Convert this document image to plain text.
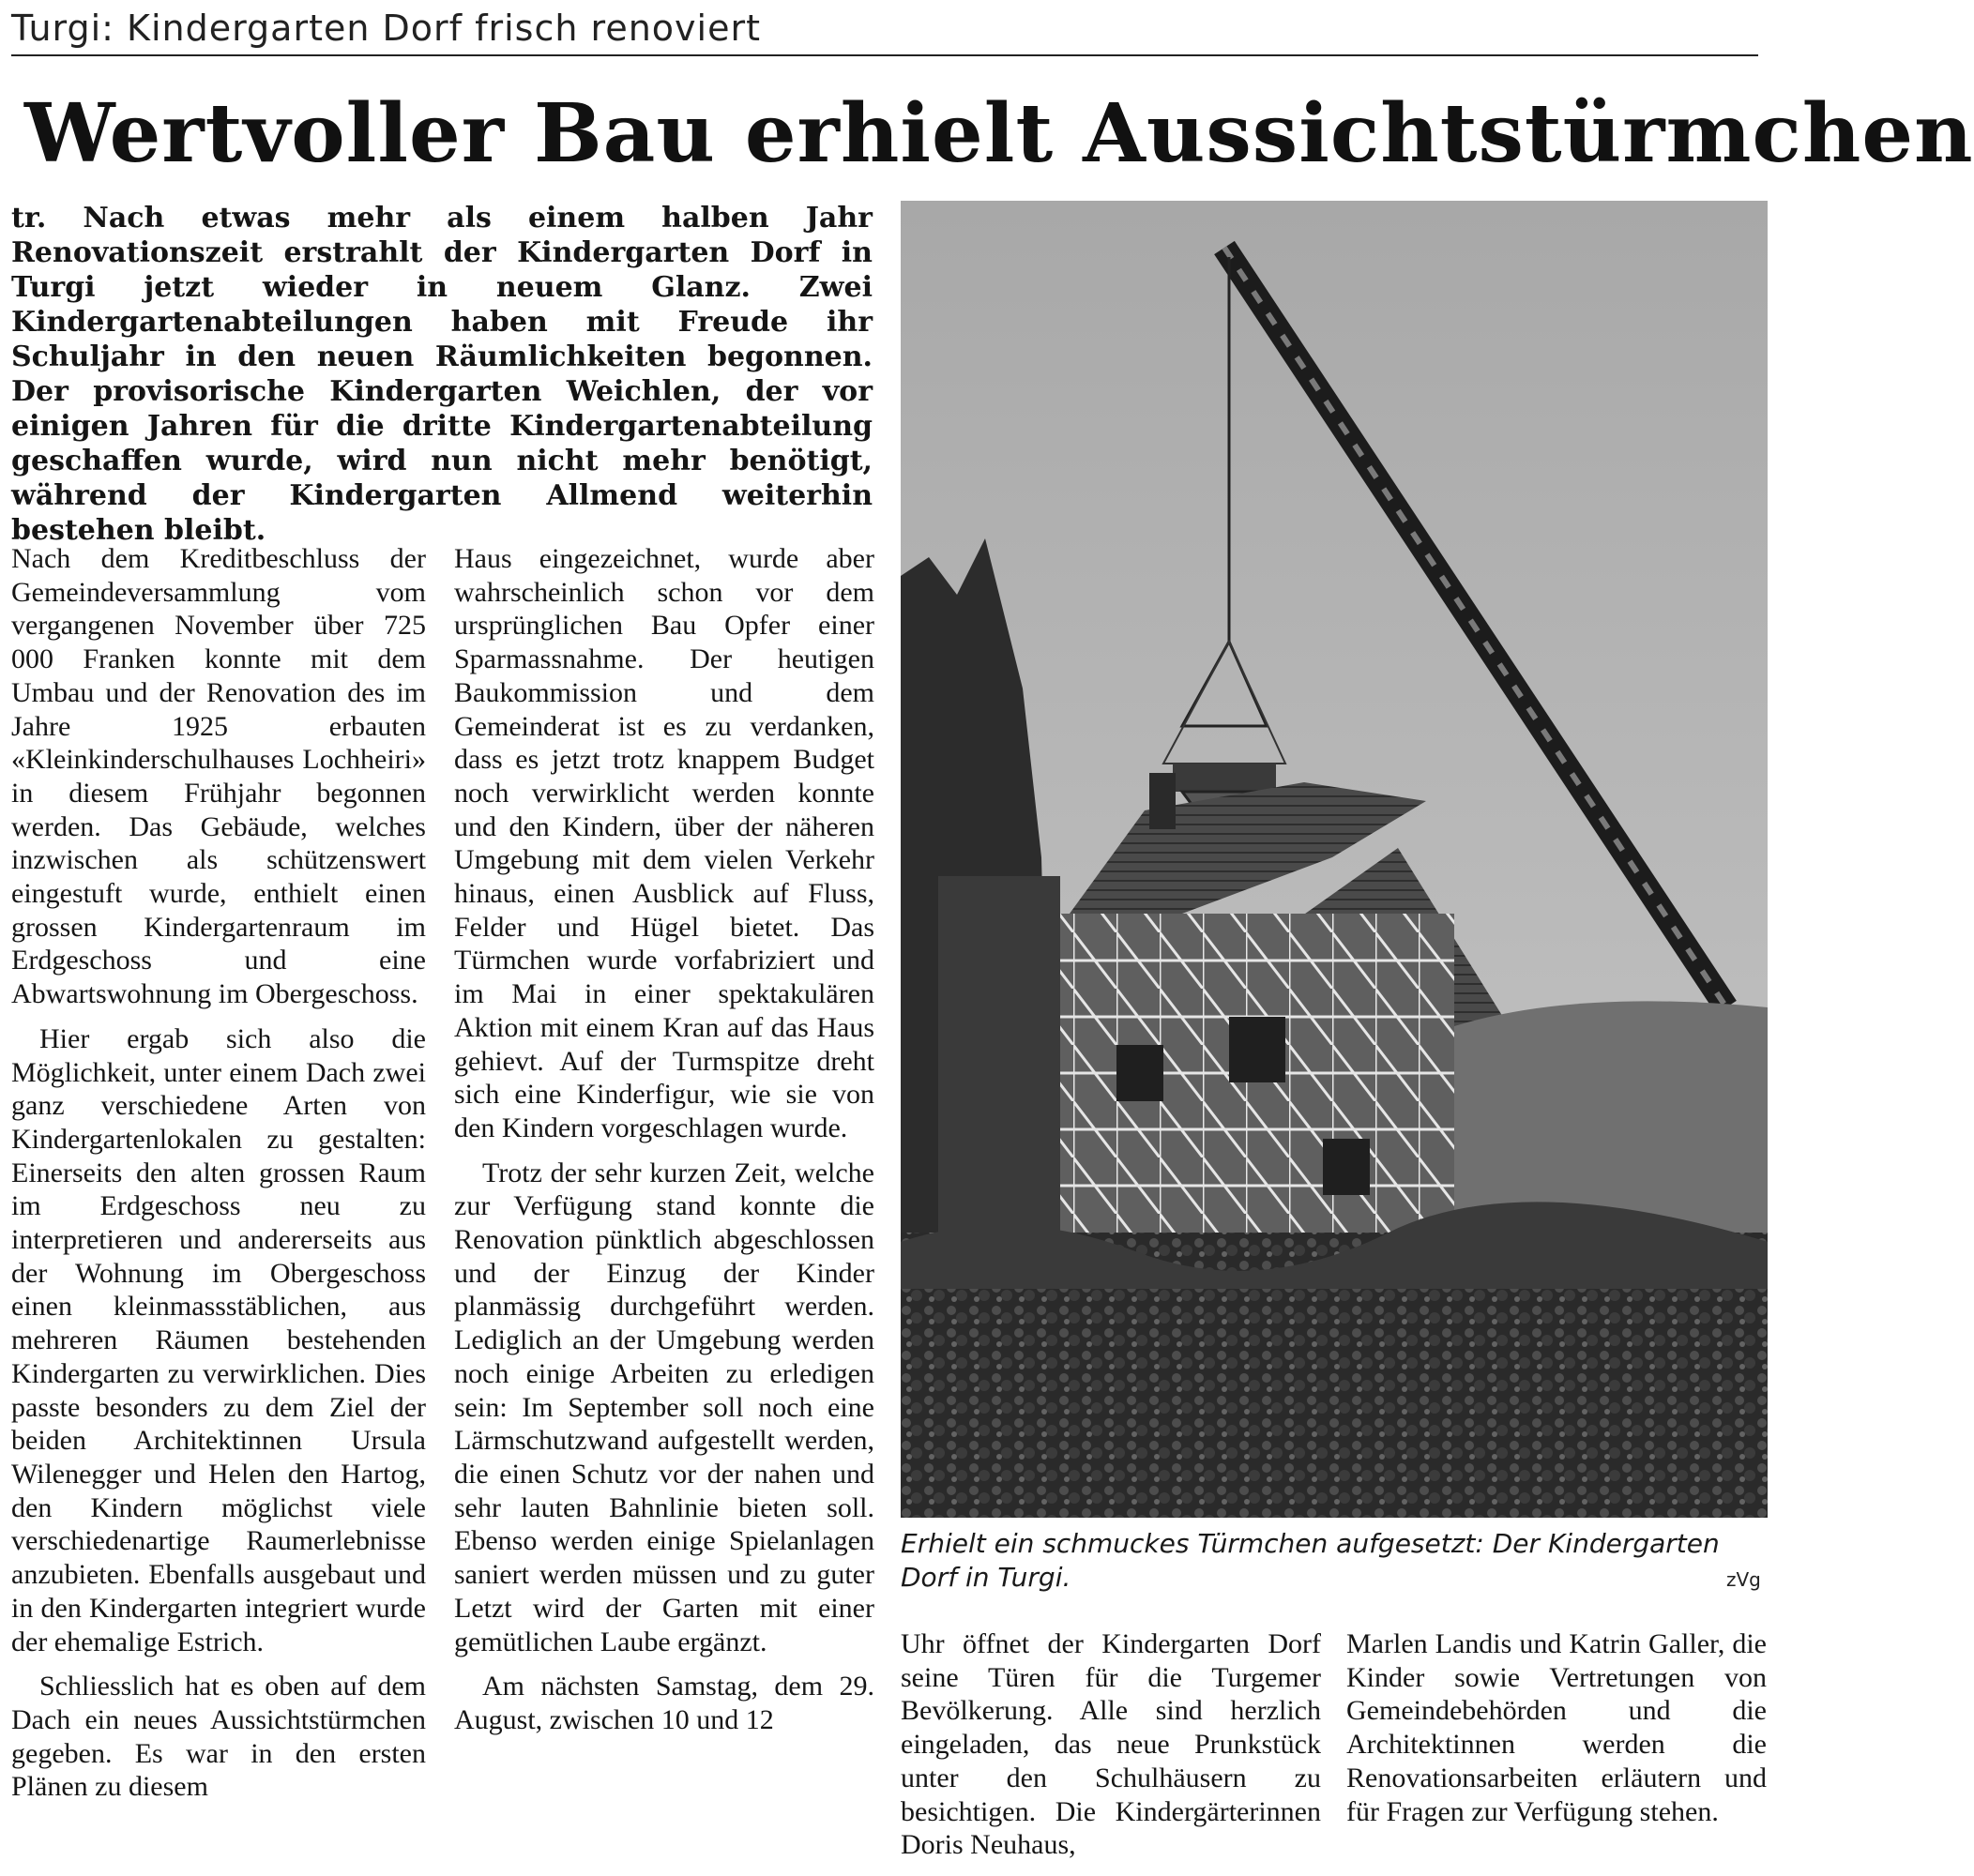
Turgi: Kindergarten Dorf frisch renoviert
Wertvoller Bau erhielt Aussichtstürmchen
tr. Nach etwas mehr als einem halben Jahr Renovationszeit erstrahlt der Kindergarten Dorf in Turgi jetzt wieder in neuem Glanz. Zwei Kindergartenabteilungen haben mit Freude ihr Schuljahr in den neuen Räumlichkeiten begonnen. Der provisorische Kindergarten Weichlen, der vor einigen Jahren für die dritte Kindergartenabteilung geschaffen wurde, wird nun nicht mehr benötigt, während der Kindergarten Allmend weiterhin bestehen bleibt.

Nach dem Kreditbeschluss der Gemeindeversammlung vom vergangenen November über 725 000 Franken konnte mit dem Umbau und der Renovation des im Jahre 1925 erbauten «Kleinkinderschulhauses Lochheiri» in diesem Frühjahr begonnen werden. Das Gebäude, welches inzwischen als schützenswert eingestuft wurde, enthielt einen grossen Kindergartenraum im Erdgeschoss und eine Abwartswohnung im Obergeschoss.

Hier ergab sich also die Möglichkeit, unter einem Dach zwei ganz verschiedene Arten von Kindergartenlokalen zu gestalten: Einerseits den alten grossen Raum im Erdgeschoss neu zu interpretieren und andererseits aus der Wohnung im Obergeschoss einen kleinmassstäblichen, aus mehreren Räumen bestehenden Kindergarten zu verwirklichen. Dies passte besonders zu dem Ziel der beiden Architektinnen Ursula Wilenegger und Helen den Hartog, den Kindern möglichst viele verschiedenartige Raumerlebnisse anzubieten. Ebenfalls ausgebaut und in den Kindergarten integriert wurde der ehemalige Estrich.

Schliesslich hat es oben auf dem Dach ein neues Aussichtstürmchen gegeben. Es war in den ersten Plänen zu diesem

Haus eingezeichnet, wurde aber wahrscheinlich schon vor dem ursprünglichen Bau Opfer einer Sparmassnahme. Der heutigen Baukommission und dem Gemeinderat ist es zu verdanken, dass es jetzt trotz knappem Budget noch verwirklicht werden konnte und den Kindern, über der näheren Umgebung mit dem vielen Verkehr hinaus, einen Ausblick auf Fluss, Felder und Hügel bietet. Das Türmchen wurde vorfabriziert und im Mai in einer spektakulären Aktion mit einem Kran auf das Haus gehievt. Auf der Turmspitze dreht sich eine Kinderfigur, wie sie von den Kindern vorgeschlagen wurde.

Trotz der sehr kurzen Zeit, welche zur Verfügung stand konnte die Renovation pünktlich abgeschlossen und der Einzug der Kinder planmässig durchgeführt werden. Lediglich an der Umgebung werden noch einige Arbeiten zu erledigen sein: Im September soll noch eine Lärmschutzwand aufgestellt werden, die einen Schutz vor der nahen und sehr lauten Bahnlinie bieten soll. Ebenso werden einige Spielanlagen saniert werden müssen und zu guter Letzt wird der Garten mit einer gemütlichen Laube ergänzt.

Am nächsten Samstag, dem 29. August, zwischen 10 und 12

Erhielt ein schmuckes Türmchen aufgesetzt: Der Kindergarten Dorf in Turgi.	zVg

Uhr öffnet der Kindergarten Dorf seine Türen für die Turgemer Bevölkerung. Alle sind herzlich eingeladen, das neue Prunkstück unter den Schulhäusern zu besichtigen. Die Kindergärterinnen Doris Neuhaus,

Marlen Landis und Katrin Galler, die Kinder sowie Vertretungen von Gemeindebehörden und die Architektinnen werden die Renovationsarbeiten erläutern und für Fragen zur Verfügung stehen.
